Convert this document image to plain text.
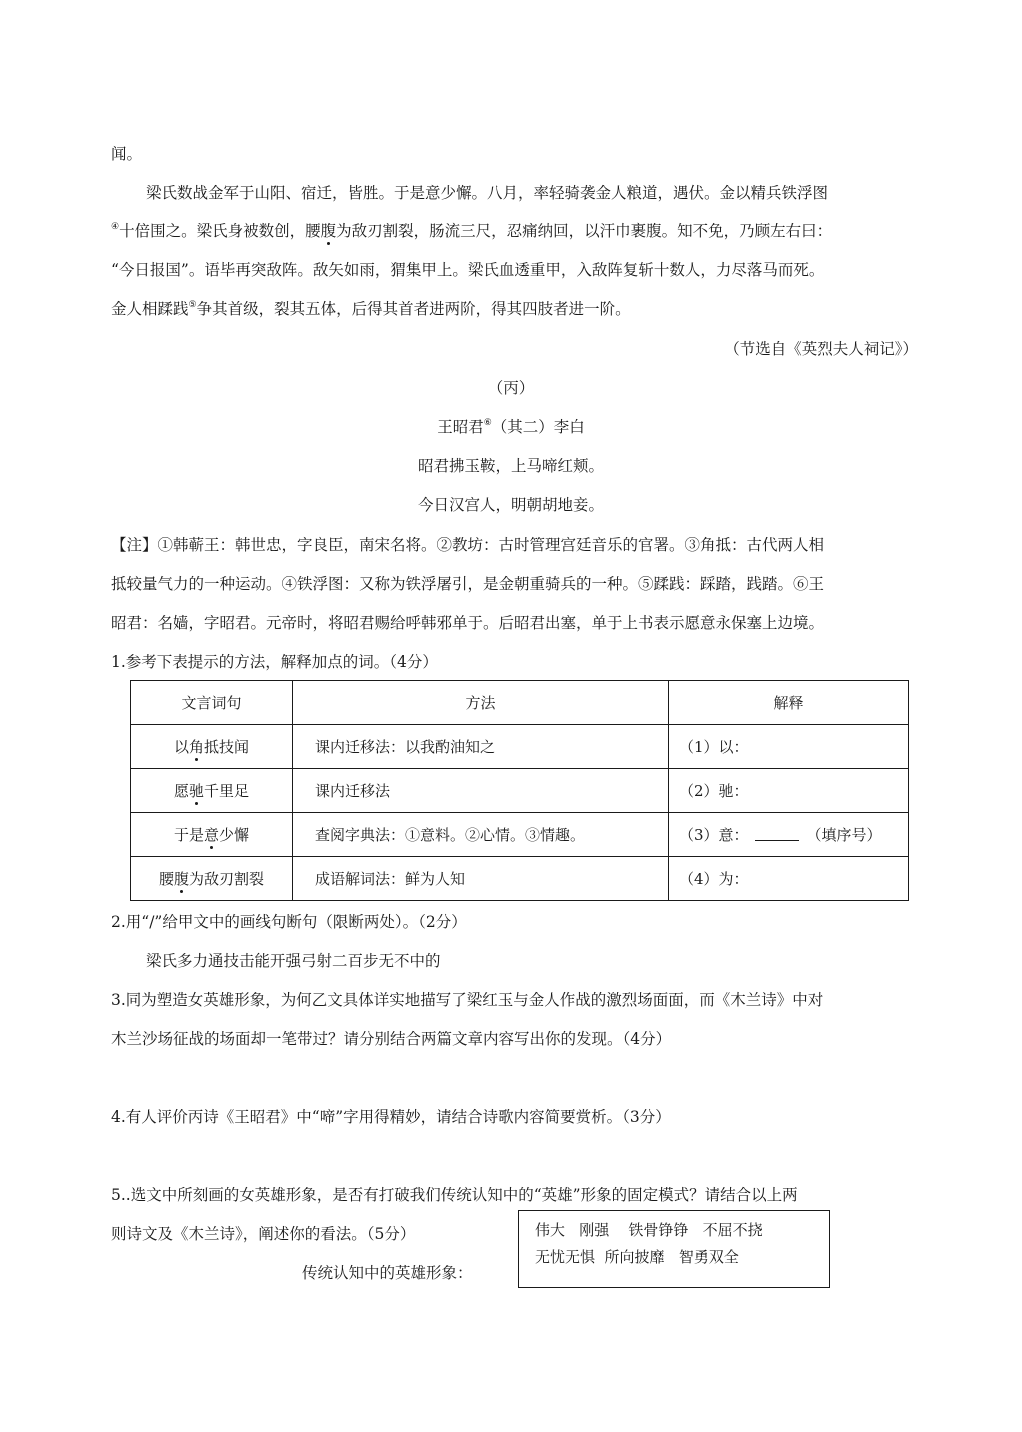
闻。
梁氏数战金军于山阳、宿迁，皆胜。于是意少懈。八月，率轻骑袭金人粮道，遇伏。金以精兵铁浮图
④十倍围之。梁氏身被数创，腰腹为敌刃割裂，肠流三尺，忍痛纳回，以汗巾裹腹。知不免，乃顾左右曰：
“今日报国”。语毕再突敌阵。敌矢如雨，猬集甲上。梁氏血透重甲，入敌阵复斩十数人，力尽落马而死。
金人相蹂践⑤争其首级，裂其五体，后得其首者进两阶，得其四肢者进一阶。
（节选自《英烈夫人祠记》）
（丙）
王昭君⑥（其二）李白
昭君拂玉鞍，上马啼红颊。
今日汉宫人，明朝胡地妾。
【注】①韩蕲王：韩世忠，字良臣，南宋名将。②教坊：古时管理宫廷音乐的官署。③角抵：古代两人相
抵较量气力的一种运动。④铁浮图：又称为铁浮屠引，是金朝重骑兵的一种。⑤蹂践：踩踏，践踏。⑥王
昭君：名嫱，字昭君。元帝时，将昭君赐给呼韩邪单于。后昭君出塞，单于上书表示愿意永保塞上边境。
1.参考下表提示的方法，解释加点的词。（4分）
文言词句	方法	解释
以角抵技闻	课内迁移法：以我酌油知之	（1）以：
愿驰千里足	课内迁移法	（2）驰：
于是意少懈	查阅字典法：①意料。②心情。③情趣。	（3）意： （填序号）
腰腹为敌刃割裂	成语解词法：鲜为人知	（4）为：
2.用“/”给甲文中的画线句断句（限断两处）。（2分）
梁氏多力通技击能开强弓射二百步无不中的
3.同为塑造女英雄形象，为何乙文具体详实地描写了梁红玉与金人作战的激烈场面面，而《木兰诗》中对
木兰沙场征战的场面却一笔带过？请分别结合两篇文章内容写出你的发现。（4分）
4.有人评价丙诗《王昭君》中“啼”字用得精妙，请结合诗歌内容简要赏析。（3分）
5..选文中所刻画的女英雄形象，是否有打破我们传统认知中的“英雄”形象的固定模式？请结合以上两
则诗文及《木兰诗》，阐述你的看法。（5分）
传统认知中的英雄形象：
伟大   刚强    铁骨铮铮   不屈不挠
无忧无惧  所向披靡   智勇双全
